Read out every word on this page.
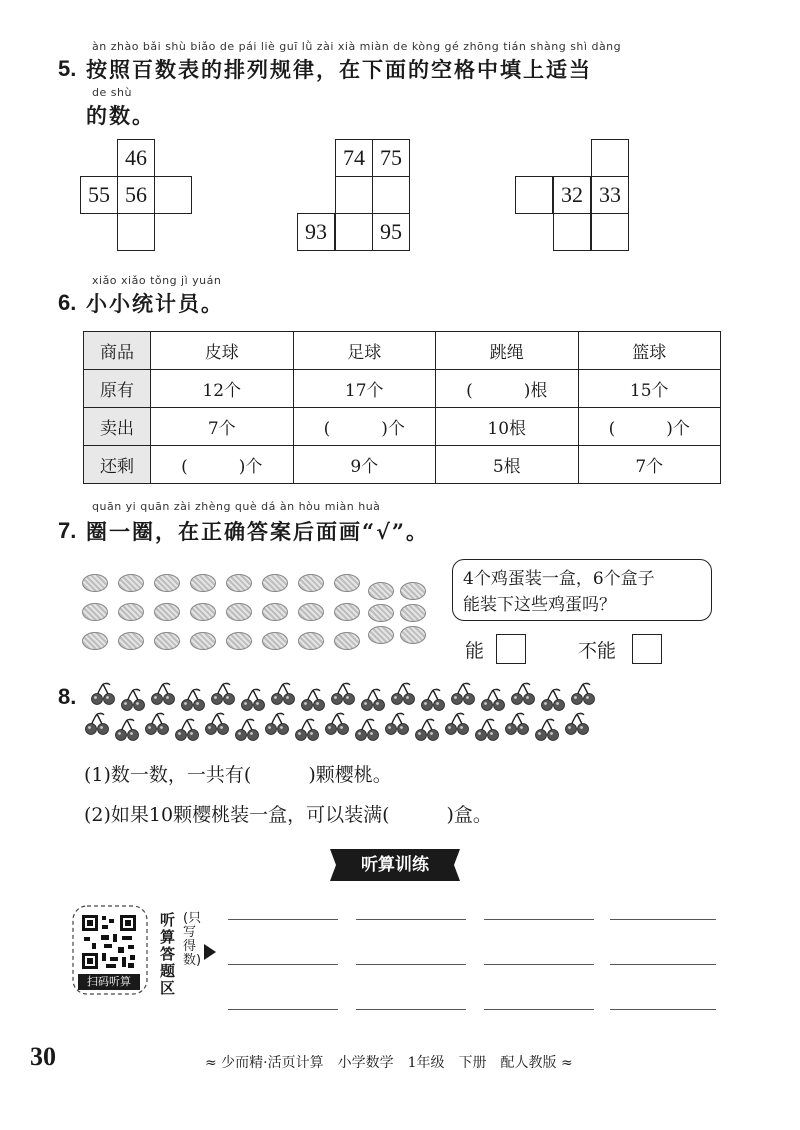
àn zhào bǎi shù biǎo de pái liè guī lǜ zài xià miàn de kòng gé zhōng tián shàng shì dàng
5. 按照百数表的排列规律，在下面的空格中填上适当
de shù
的数。
46
55 56
74 75
93	95
32 33
xiǎo xiǎo tǒng jì yuán
6. 小小统计员。
商品	皮球	足球	跳绳	篮球
原有	12个	17个	(　　　)根	15个
卖出	7个	(　　　)个	10根	(　　　)个
还剩	(　　　)个	9个	5根	7个
quān yi quān zài zhèng què dá àn hòu miàn huà
7. 圈一圈，在正确答案后面画“√”。
4个鸡蛋装一盒，6个盒子
能装下这些鸡蛋吗？
能	不能
8.
(1)数一数，一共有(　　　)颗樱桃。
(2)如果10颗樱桃装一盒，可以装满(　　　)盒。
听算训练
扫码听算
听算答题区
(只写得数)
30	≈ 少而精·活页计算　小学数学　1年级　下册　配人教版 ≈
